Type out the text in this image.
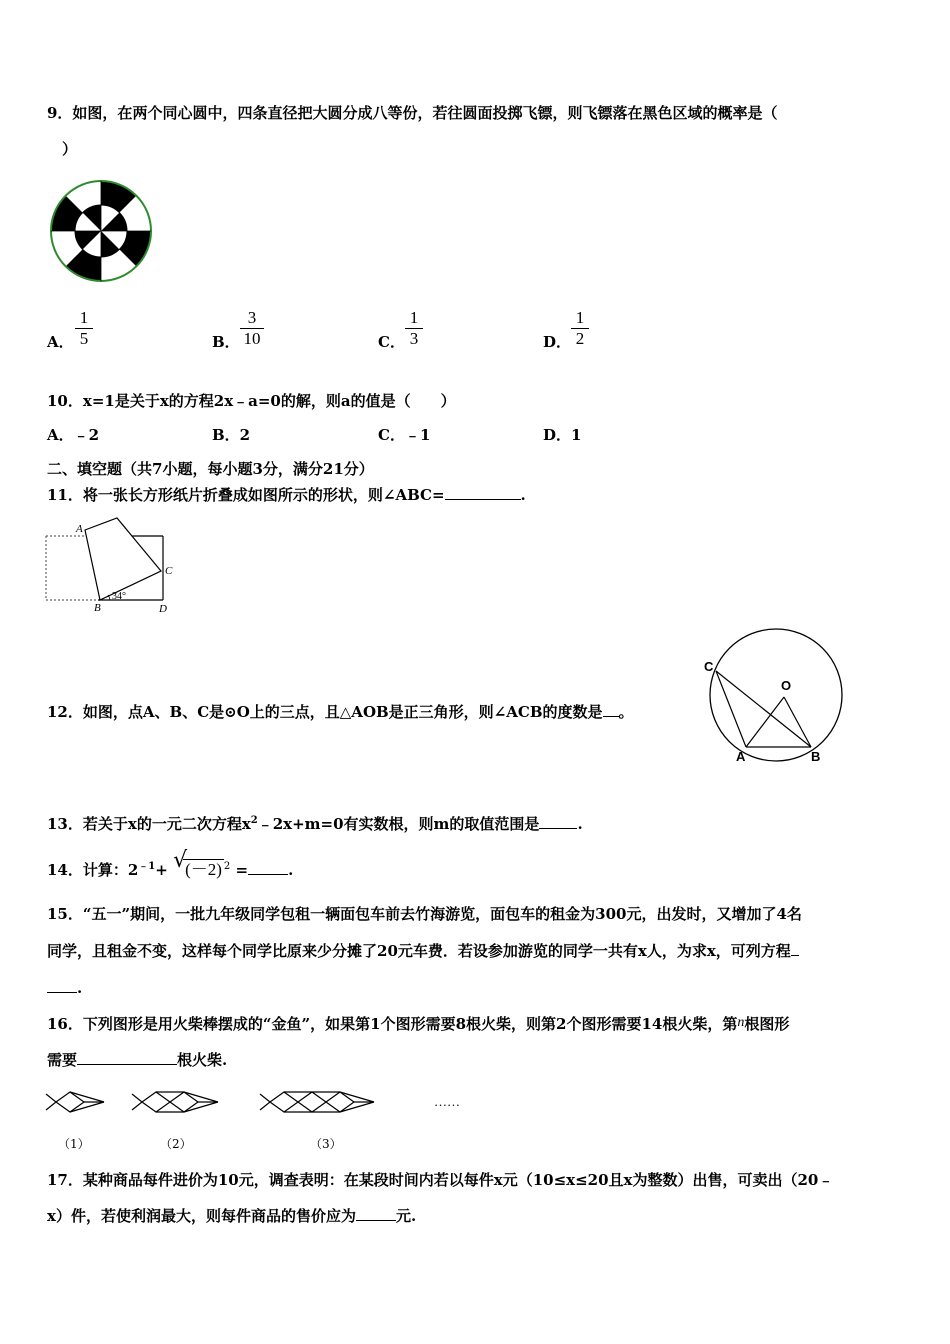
9．如图，在两个同心圆中，四条直径把大圆分成八等份，若往圆面投掷飞镖，则飞镖落在黑色区域的概率是（
）
A． $\frac{1}{5}$	B． $\frac{3}{10}$	C． $\frac{1}{3}$	D． $\frac{1}{2}$
10．x=1是关于x的方程2x﹣a=0的解，则a的值是（　　）
A．﹣2	B．2	C．﹣1	D．1
二、填空题（共7小题，每小题3分，满分21分）
11．将一张长方形纸片折叠成如图所示的形状，则∠ABC=	.
A
B
C
D
34°
12．如图，点A、B、C是⊙O上的三点，且△AOB是正三角形，则∠ACB的度数是 。
C
O
A	B
13．若关于x的一元二次方程$x^2﹣2x+m=0$有实数根，则m的取值范围是	.
14．计算：$2^{﹣1}+$ √
(－2) $^2$ =	.
15．“五一”期间，一批九年级同学包租一辆面包车前去竹海游览，面包车的租金为300元，出发时，又增加了4名
同学，且租金不变，这样每个同学比原来少分摊了20元车费．若设参加游览的同学一共有x人，为求x，可列方程
.
16．下列图形是用火柴棒摆成的“金鱼”，如果第1个图形需要8根火柴，则第2个图形需要14根火柴，第n根图形
需要	根火柴.
……
（1）	（2）	（3）
17．某种商品每件进价为10元，调查表明：在某段时间内若以每件x元（10≤x≤20且x为整数）出售，可卖出（20﹣
x）件，若使利润最大，则每件商品的售价应为	元.
